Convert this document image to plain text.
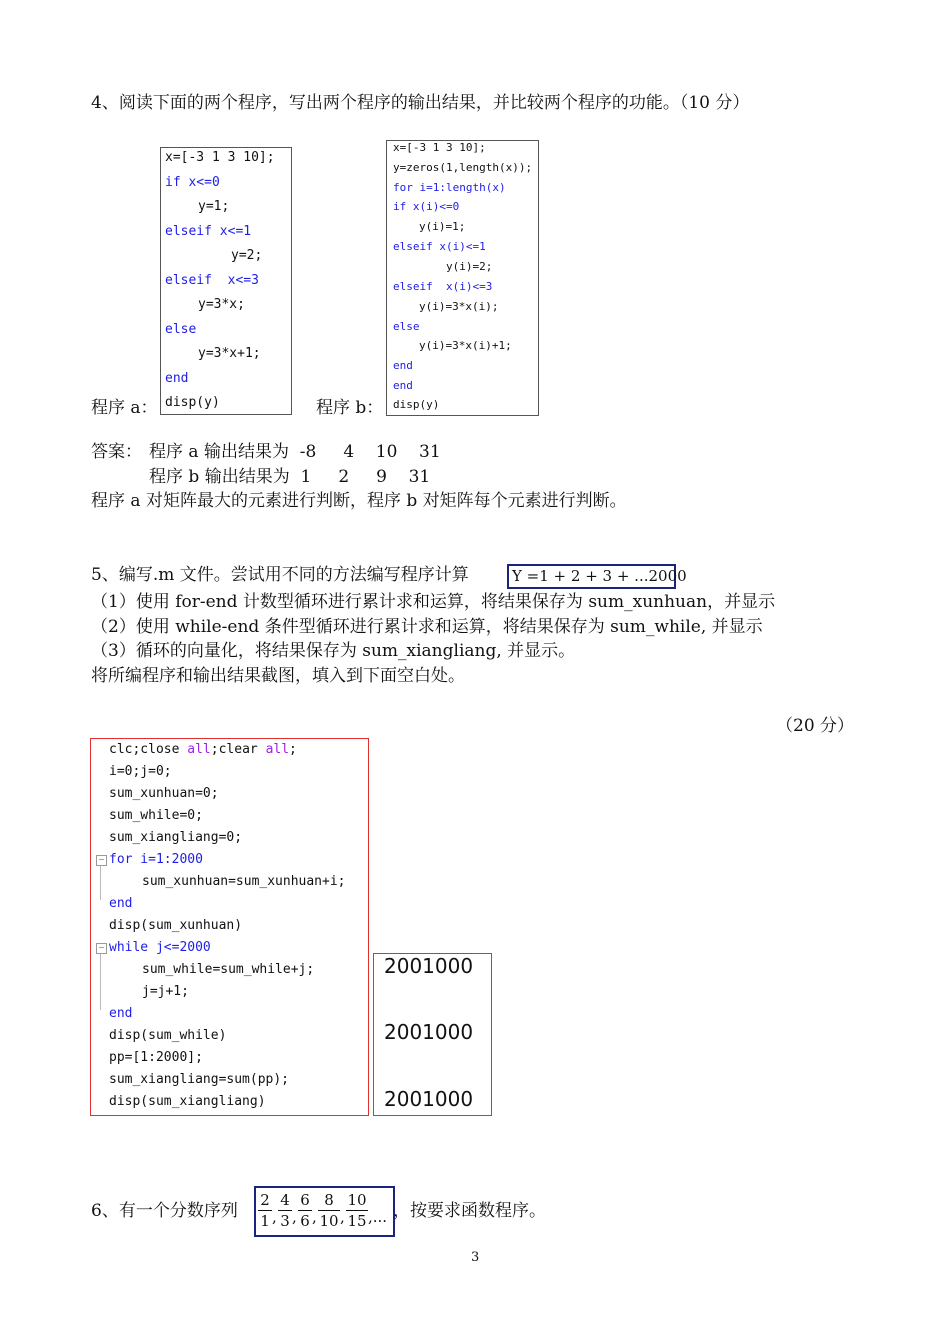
4、阅读下面的两个程序，写出两个程序的输出结果，并比较两个程序的功能。（10 分）
x=[-3 1 3 10];
if x<=0
y=1;
elseif x<=1
y=2;
elseif  x<=3
y=3*x;
else
y=3*x+1;
end
disp(y)
程序 a：
x=[-3 1 3 10];
y=zeros(1,length(x));
for i=1:length(x)
if x(i)<=0
y(i)=1;
elseif x(i)<=1
y(i)=2;
elseif  x(i)<=3
y(i)=3*x(i);
else
y(i)=3*x(i)+1;
end
end
disp(y)
程序 b：
答案： 程序 a 输出结果为  -8     4    10    31
程序 b 输出结果为  1     2     9    31
程序 a 对矩阵最大的元素进行判断，程序 b 对矩阵每个元素进行判断。
5、编写.m 文件。尝试用不同的方法编写程序计算	Y =1 + 2 + 3 + ...2000
（1）使用 for-end 计数型循环进行累计求和运算，将结果保存为 sum_xunhuan，并显示
（2）使用 while-end 条件型循环进行累计求和运算，将结果保存为 sum_while, 并显示
（3）循环的向量化，将结果保存为 sum_xiangliang, 并显示。
将所编程序和输出结果截图，填入到下面空白处。
（20 分）
clc;close all;clear all;
i=0;j=0;
sum_xunhuan=0;
sum_while=0;
sum_xiangliang=0;
− for i=1:2000
sum_xunhuan=sum_xunhuan+i;
end
disp(sum_xunhuan)
− while j<=2000
sum_while=sum_while+j;
j=j+1;
end
disp(sum_while)
pp=[1:2000];
sum_xiangliang=sum(pp);
disp(sum_xiangliang)
2001000
2001000
2001000
6、有一个分数序列
2
1 ,
4
3 ,
6
6 ,
8
10 ,
10
15 ,... ，按要求函数程序。
3
